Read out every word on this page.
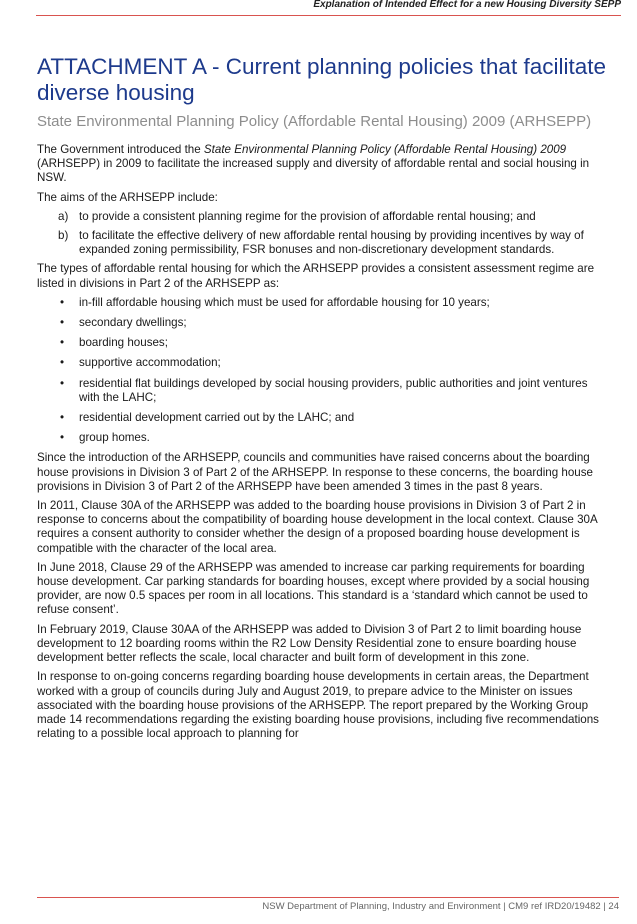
Explanation of Intended Effect for a new Housing Diversity SEPP
ATTACHMENT A - Current planning policies that facilitate diverse housing
State Environmental Planning Policy (Affordable Rental Housing) 2009 (ARHSEPP)

The Government introduced the State Environmental Planning Policy (Affordable Rental Housing) 2009 (ARHSEPP) in 2009 to facilitate the increased supply and diversity of affordable rental and social housing in NSW.

The aims of the ARHSEPP include:

a) to provide a consistent planning regime for the provision of affordable rental housing; and
b) to facilitate the effective delivery of new affordable rental housing by providing incentives by way of expanded zoning permissibility, FSR bonuses and non-discretionary development standards.

The types of affordable rental housing for which the ARHSEPP provides a consistent assessment regime are listed in divisions in Part 2 of the ARHSEPP as:

• in-fill affordable housing which must be used for affordable housing for 10 years;
• secondary dwellings;
• boarding houses;
• supportive accommodation;
• residential flat buildings developed by social housing providers, public authorities and joint ventures with the LAHC;
• residential development carried out by the LAHC; and
• group homes.

Since the introduction of the ARHSEPP, councils and communities have raised concerns about the boarding house provisions in Division 3 of Part 2 of the ARHSEPP. In response to these concerns, the boarding house provisions in Division 3 of Part 2 of the ARHSEPP have been amended 3 times in the past 8 years.

In 2011, Clause 30A of the ARHSEPP was added to the boarding house provisions in Division 3 of Part 2 in response to concerns about the compatibility of boarding house development in the local context. Clause 30A requires a consent authority to consider whether the design of a proposed boarding house development is compatible with the character of the local area.

In June 2018, Clause 29 of the ARHSEPP was amended to increase car parking requirements for boarding house development. Car parking standards for boarding houses, except where provided by a social housing provider, are now 0.5 spaces per room in all locations. This standard is a ‘standard which cannot be used to refuse consent’.

In February 2019, Clause 30AA of the ARHSEPP was added to Division 3 of Part 2 to limit boarding house development to 12 boarding rooms within the R2 Low Density Residential zone to ensure boarding house development better reflects the scale, local character and built form of development in this zone.

In response to on-going concerns regarding boarding house developments in certain areas, the Department worked with a group of councils during July and August 2019, to prepare advice to the Minister on issues associated with the boarding house provisions of the ARHSEPP. The report prepared by the Working Group made 14 recommendations regarding the existing boarding house provisions, including five recommendations relating to a possible local approach to planning for

NSW Department of Planning, Industry and Environment | CM9 ref IRD20/19482 | 24
